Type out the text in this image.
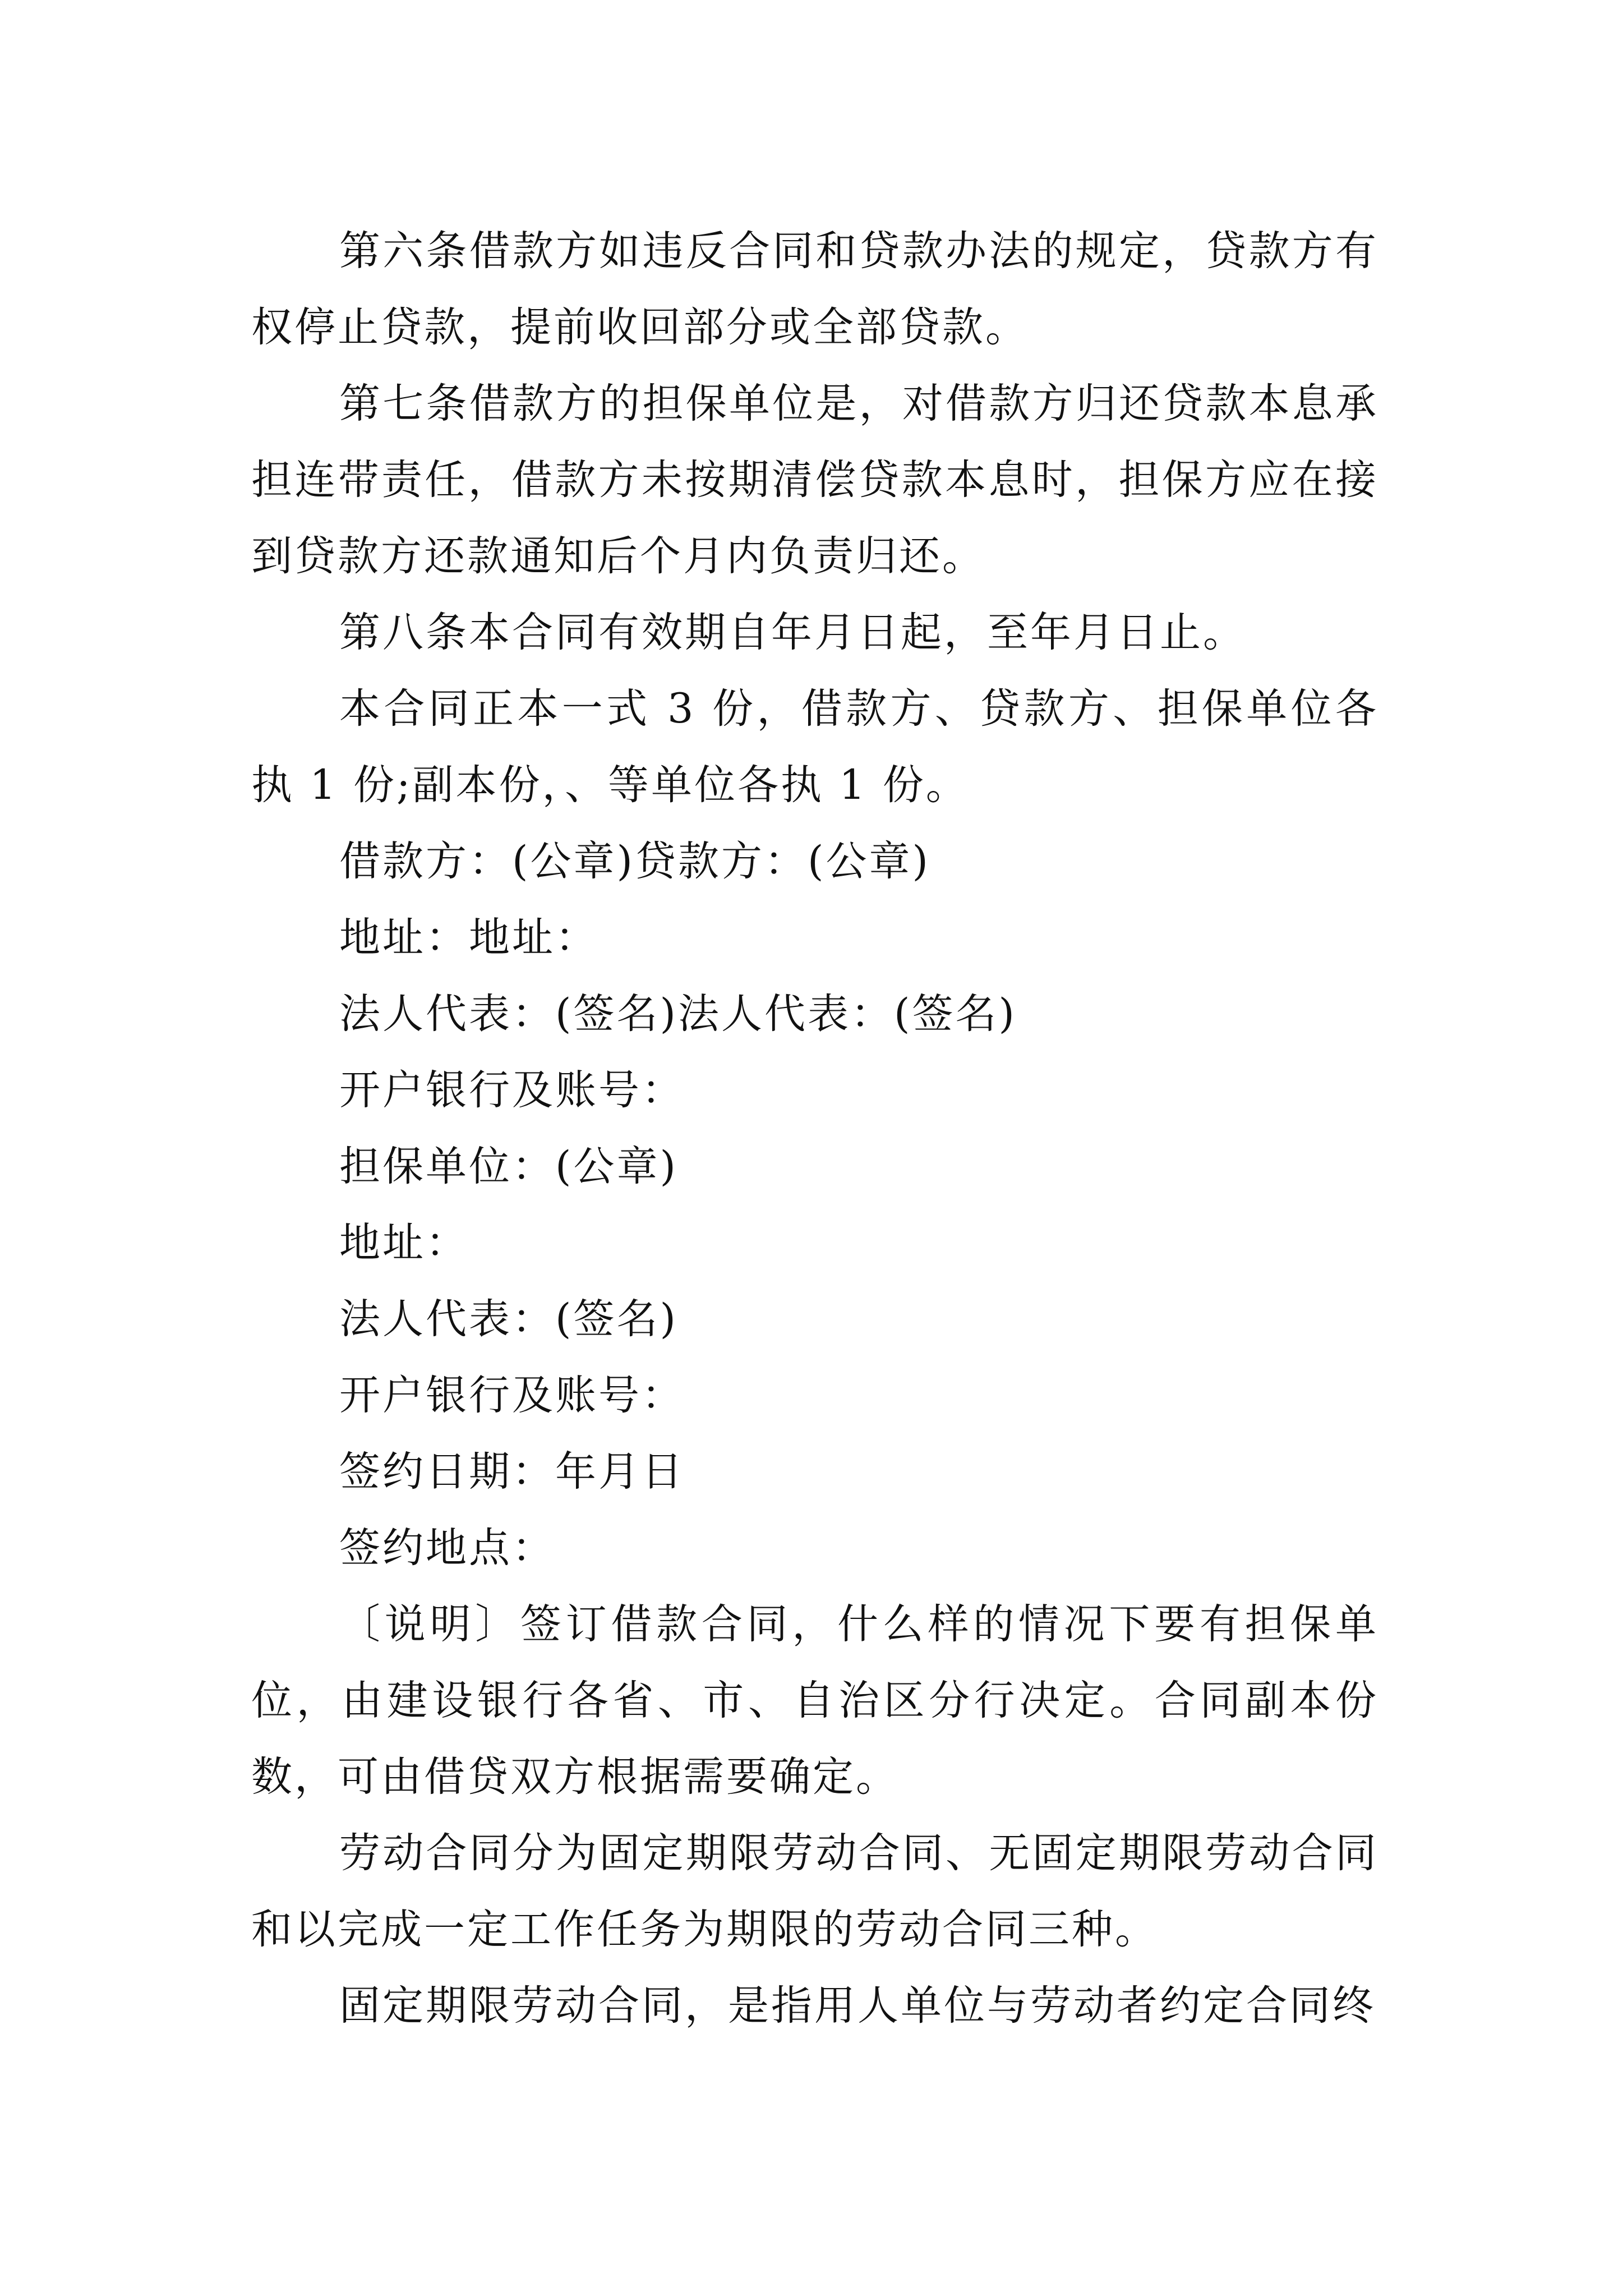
第六条借款方如违反合同和贷款办法的规定，贷款方有权停止贷款，提前收回部分或全部贷款。

第七条借款方的担保单位是，对借款方归还贷款本息承担连带责任，借款方未按期清偿贷款本息时，担保方应在接到贷款方还款通知后个月内负责归还。

第八条本合同有效期自年月日起，至年月日止。

本合同正本一式 3 份，借款方、贷款方、担保单位各执 1 份;副本份，、等单位各执 1 份。

借款方：(公章)贷款方：(公章)

地址：地址：

法人代表：(签名)法人代表：(签名)

开户银行及账号：

担保单位：(公章)

地址：

法人代表：(签名)

开户银行及账号：

签约日期：年月日

签约地点：

〔说明〕签订借款合同，什么样的情况下要有担保单位，由建设银行各省、市、自治区分行决定。合同副本份数，可由借贷双方根据需要确定。

劳动合同分为固定期限劳动合同、无固定期限劳动合同和以完成一定工作任务为期限的劳动合同三种。

固定期限劳动合同，是指用人单位与劳动者约定合同终
